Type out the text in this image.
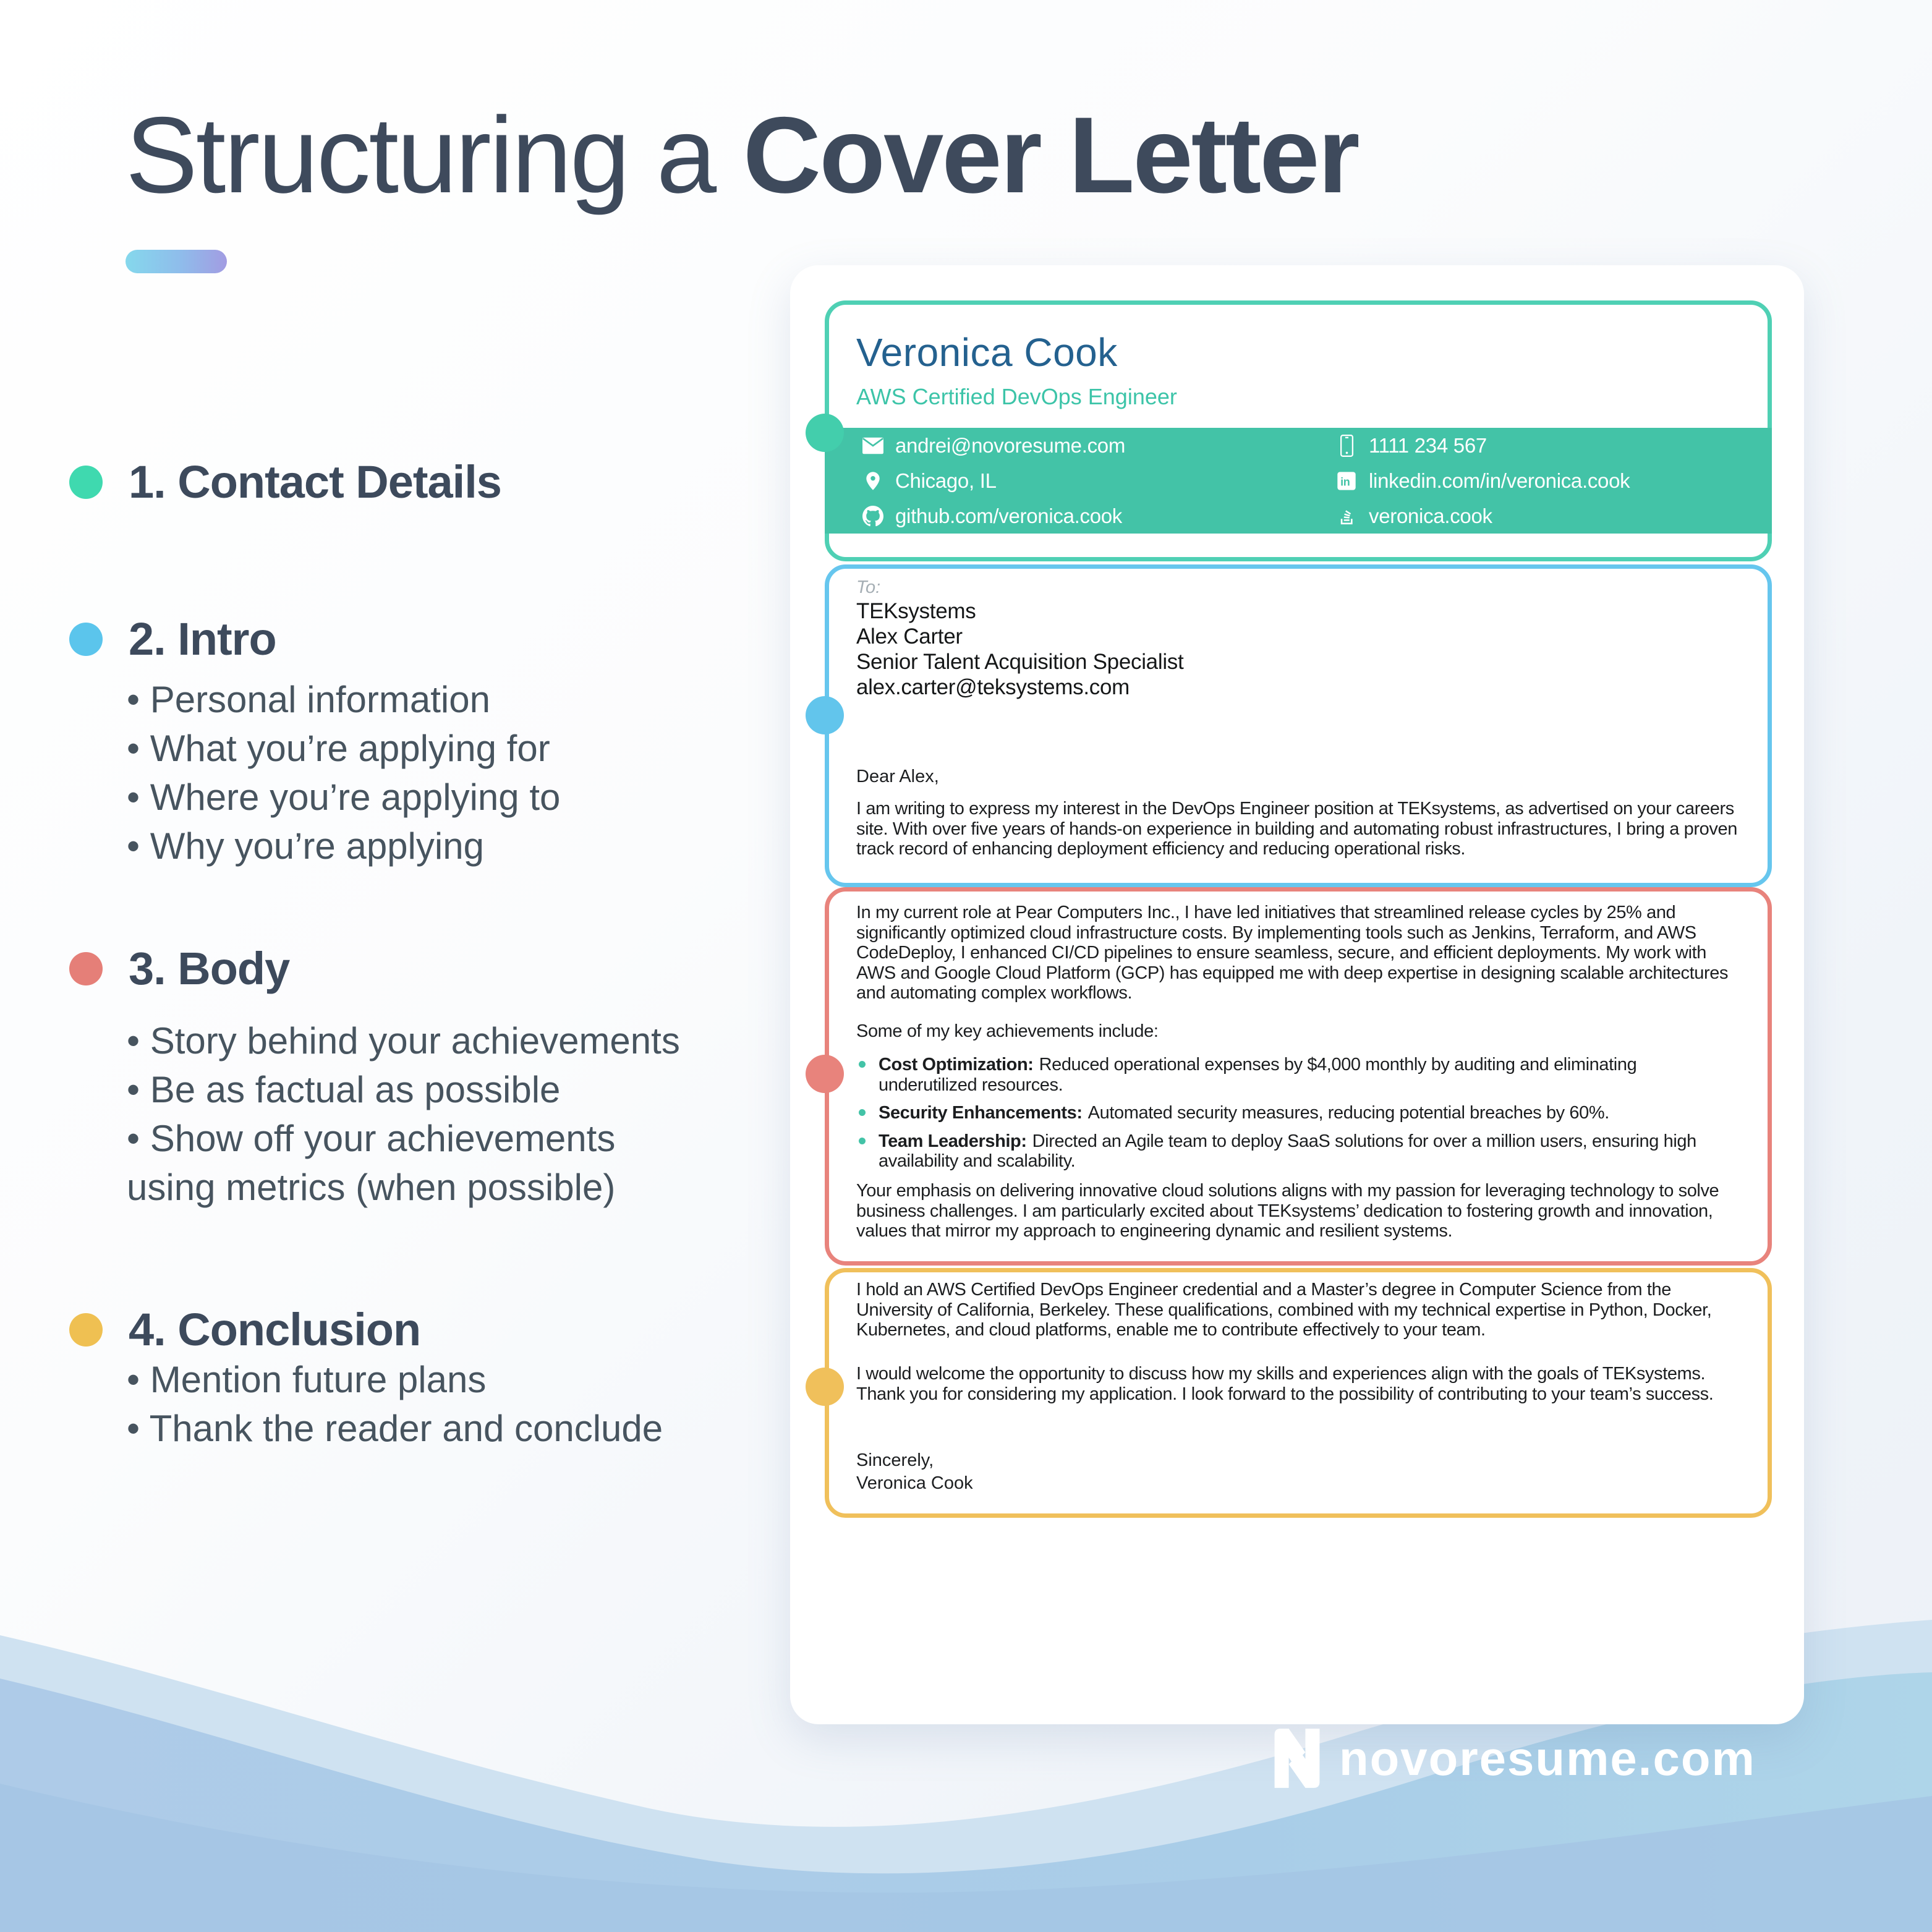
Structuring a Cover Letter
1. Contact Details
2. Intro
• Personal information
• What you’re applying for
• Where you’re applying to
• Why you’re applying
3. Body
• Story behind your achievements
• Be as factual as possible
• Show off your achievements using metrics (when possible)
4. Conclusion
• Mention future plans
• Thank the reader and conclude
Veronica Cook
AWS Certified DevOps Engineer
andrei@novoresume.com	1111 234 567
Chicago, IL	in linkedin.com/in/veronica.cook
github.com/veronica.cook	veronica.cook
To:
TEKsystems
Alex Carter
Senior Talent Acquisition Specialist
alex.carter@teksystems.com
Dear Alex,

I am writing to express my interest in the DevOps Engineer position at TEKsystems, as advertised on your careers site. With over five years of hands-on experience in building and automating robust infrastructures, I bring a proven track record of enhancing deployment efficiency and reducing operational risks.

In my current role at Pear Computers Inc., I have led initiatives that streamlined release cycles by 25% and significantly optimized cloud infrastructure costs. By implementing tools such as Jenkins, Terraform, and AWS CodeDeploy, I enhanced CI/CD pipelines to ensure seamless, secure, and efficient deployments. My work with AWS and Google Cloud Platform (GCP) has equipped me with deep expertise in designing scalable architectures and automating complex workflows.

Some of my key achievements include:
Cost Optimization: Reduced operational expenses by $4,000 monthly by auditing and eliminating underutilized resources.
Security Enhancements: Automated security measures, reducing potential breaches by 60%.
Team Leadership: Directed an Agile team to deploy SaaS solutions for over a million users, ensuring high availability and scalability.

Your emphasis on delivering innovative cloud solutions aligns with my passion for leveraging technology to solve business challenges. I am particularly excited about TEKsystems’ dedication to fostering growth and innovation, values that mirror my approach to engineering dynamic and resilient systems.

I hold an AWS Certified DevOps Engineer credential and a Master’s degree in Computer Science from the University of California, Berkeley. These qualifications, combined with my technical expertise in Python, Docker, Kubernetes, and cloud platforms, enable me to contribute effectively to your team.

I would welcome the opportunity to discuss how my skills and experiences align with the goals of TEKsystems. Thank you for considering my application. I look forward to the possibility of contributing to your team’s success.

Sincerely,
Veronica Cook
novoresume.com
